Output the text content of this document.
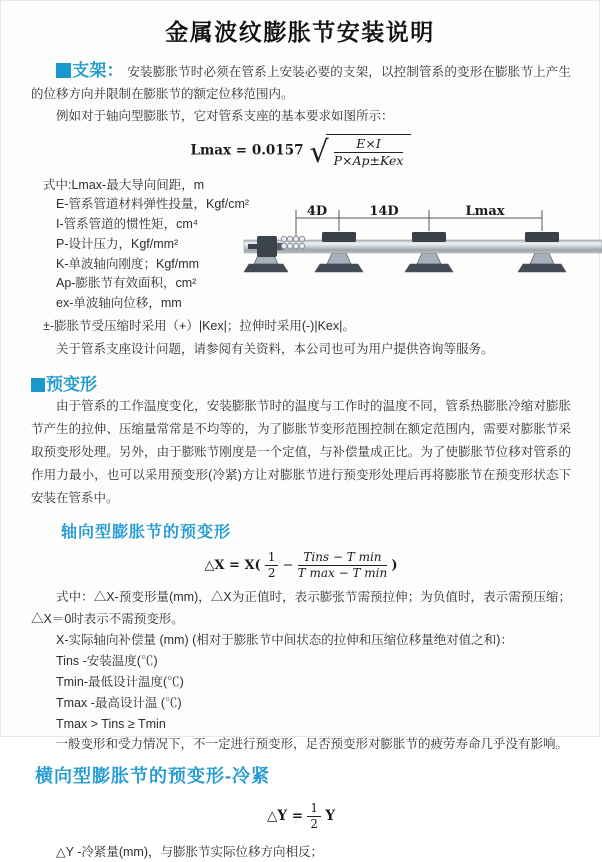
金属波纹膨胀节安装说明

支架： 安装膨胀节时必须在管系上安装必要的支架，以控制管系的变形在膨胀节上产生的位移方向并限制在膨胀节的额定位移范围内。

例如对于轴向型膨胀节，它对管系支座的基本要求如图所示：

Lmax = 0.0157 √ $\frac{E\times I}{\text{P×Ap±Kex}}$
式中:Lmax-最大导向间距，m
E-管系管道材料弹性投量，Kgf/cm²
I-管系管道的惯性矩，cm⁴
P-设计压力，Kgf/mm²
K-单波轴向刚度；Kgf/mm
Ap-膨胀节有效面积，cm²
ex-单波轴向位移，mm
4D	14D	Lmax
±-膨胀节受压缩时采用（+）|Kex|；拉伸时采用(-)|Kex|。
关于管系支座设计问题，请参阅有关资料，本公司也可为用户提供咨询等服务。
预变形

由于管系的工作温度变化，安装膨胀节时的温度与工作时的温度不同，管系热膨胀冷缩对膨胀节产生的拉伸、压缩量常常是不均等的，为了膨胀节变形范围控制在额定范围内，需要对膨胀节采取预变形处理。另外，由于膨账节刚度是一个定值，与补偿量成正比。为了使膨胀节位移对管系的作用力最小，也可以采用预变形(冷紧)方让对膨胀节进行预变形处理后再将膨胀节在预变形状态下安装在管系中。

轴向型膨胀节的预变形
△X = $X( \frac{1}{2} - \frac{\text{Tins − T min}}{\text{T max − T min}}$ )

式中：△X-预变形量(mm)，△X为正值时，表示膨张节需预拉伸；为负值时，表示需预压缩；△X＝0时表示不需预变形。

X-实际轴向补偿量 (mm) (相对于膨胀节中间状态的拉伸和压缩位移量绝对值之和)：
Tins -安装温度(℃)
Tmin-最低设计温度(℃)
Tmax -最高设计温 (℃)
Tmax > Tins ≥ Tmin
一般变形和受力情况下，不一定进行预变形，足否预变形对膨胀节的疲劳寿命几乎没有影响。
横向型膨胀节的预变形-冷紧
△Y = $\frac{1}{2}$ Y
△Y -冷紧量(mm)，与膨胀节实际位移方向相反；
